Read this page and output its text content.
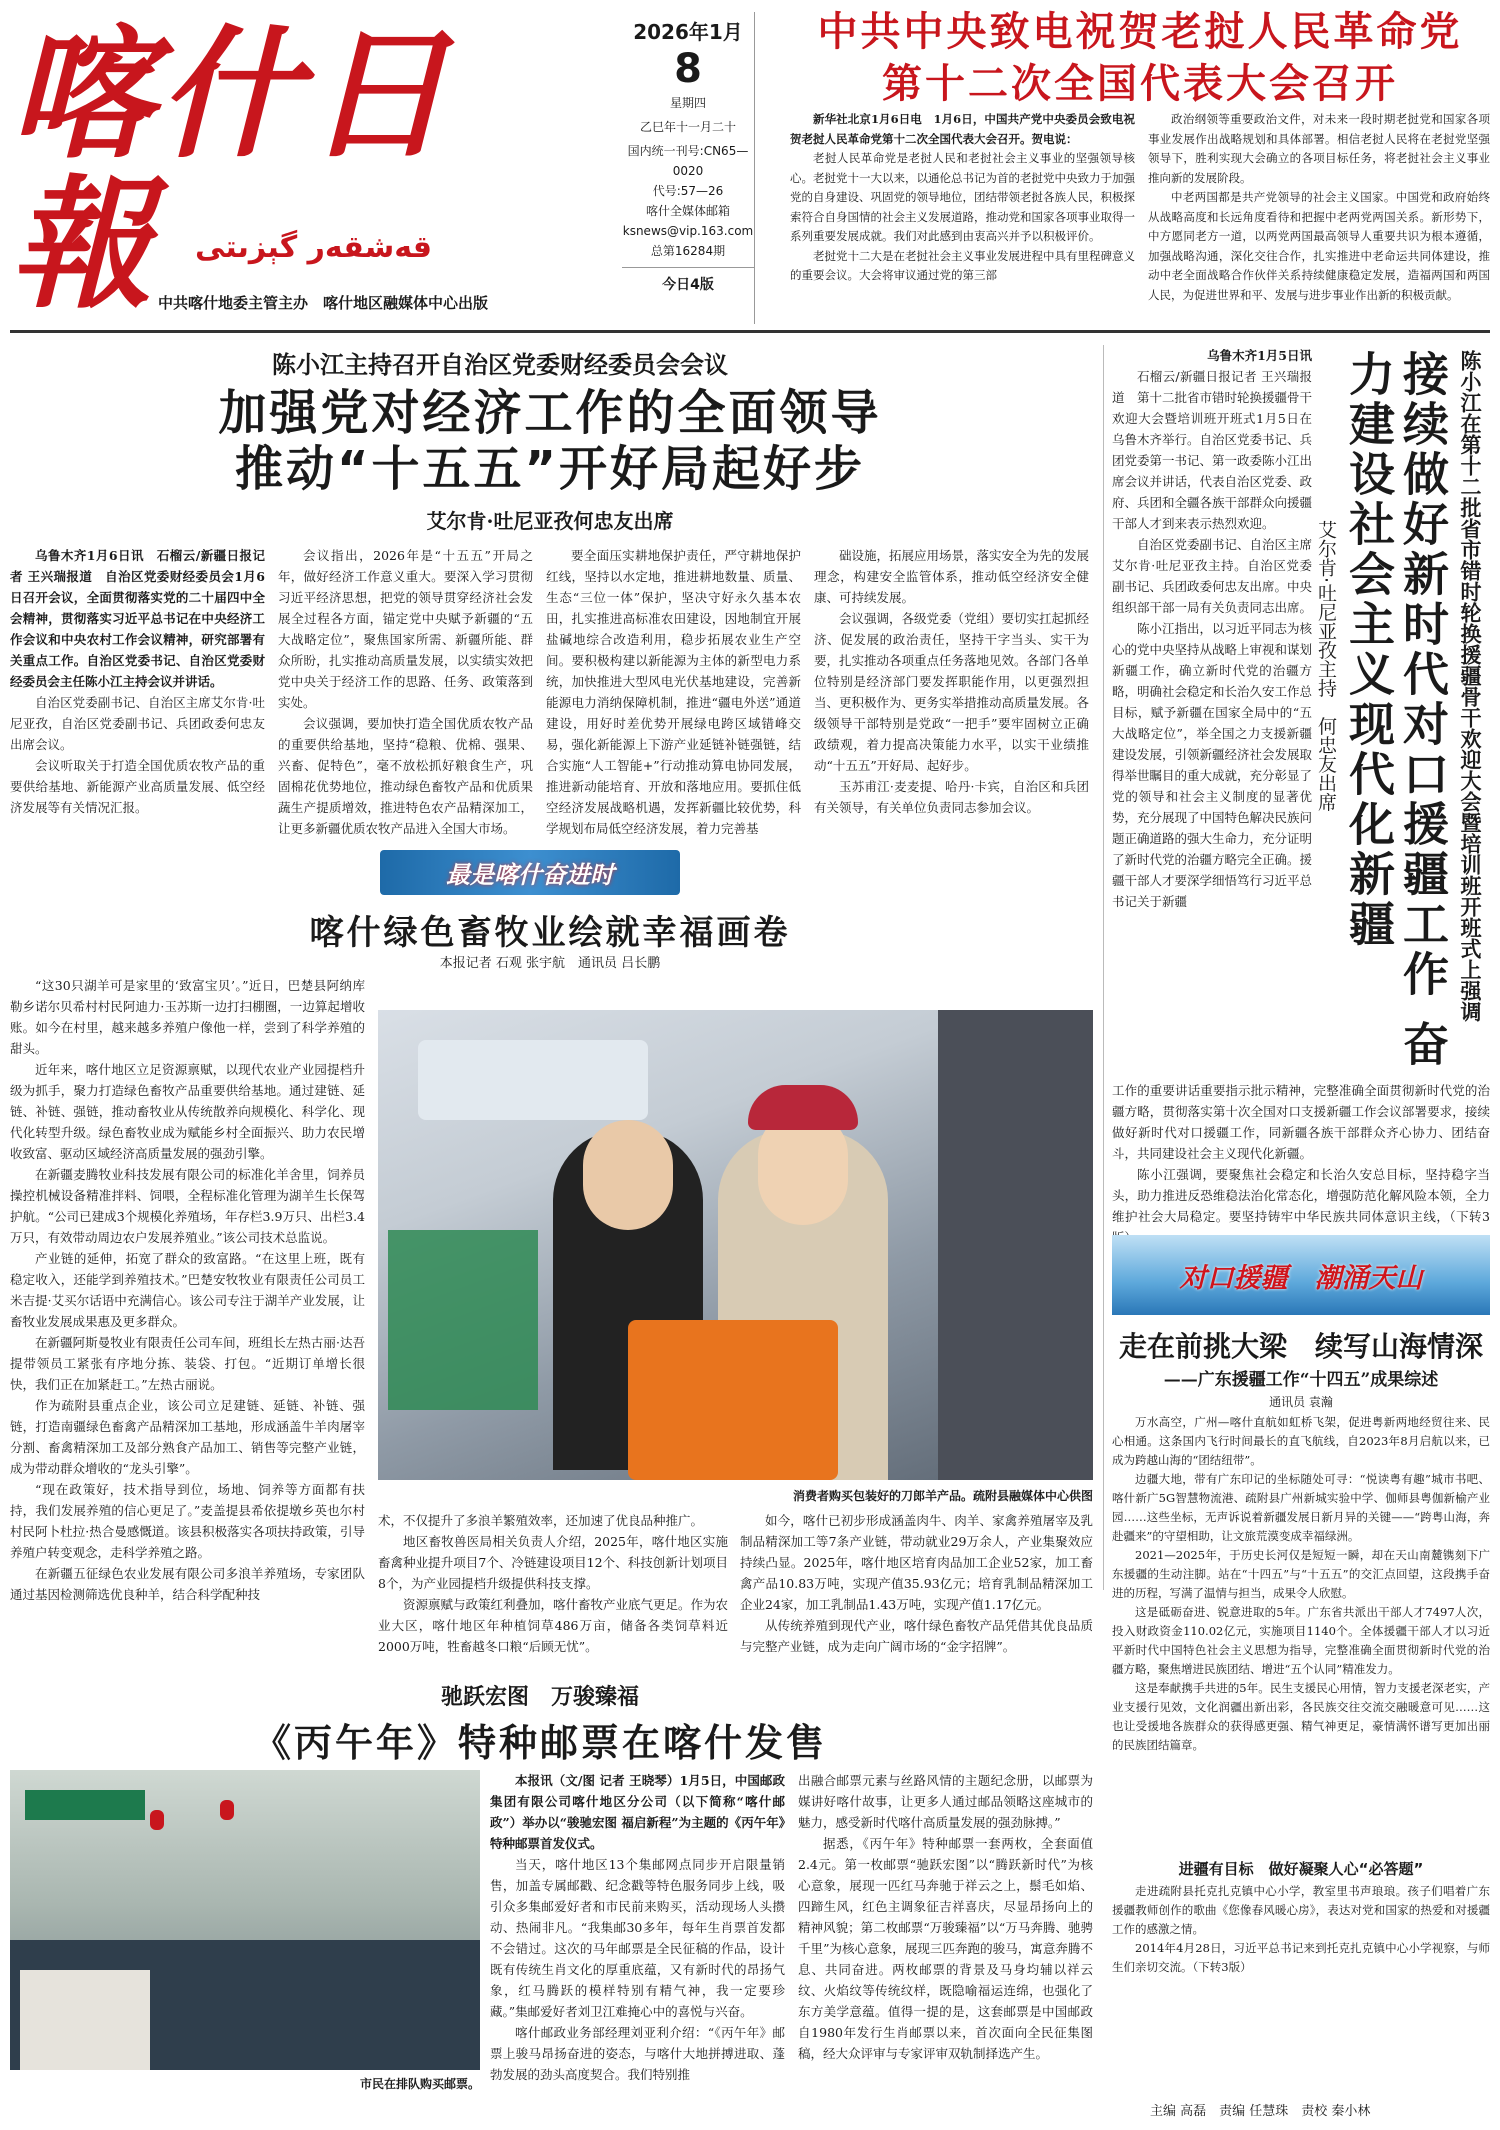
喀什日報	قەشقەر گېزىتى
中共喀什地委主管主办　喀什地区融媒体中心出版
2026年1月
8
星期四
乙巳年十一月二十
国内统一刊号:CN65—0020
代号:57—26
喀什全媒体邮箱
ksnews@vip.163.com
总第16284期
今日4版
中共中央致电祝贺老挝人民革命党
第十二次全国代表大会召开

新华社北京1月6日电　1月6日，中国共产党中央委员会致电祝贺老挝人民革命党第十二次全国代表大会召开。贺电说：

老挝人民革命党是老挝人民和老挝社会主义事业的坚强领导核心。老挝党十一大以来，以通伦总书记为首的老挝党中央致力于加强党的自身建设、巩固党的领导地位，团结带领老挝各族人民，积极探索符合自身国情的社会主义发展道路，推动党和国家各项事业取得一系列重要发展成就。我们对此感到由衷高兴并予以积极评价。

老挝党十二大是在老挝社会主义事业发展进程中具有里程碑意义的重要会议。大会将审议通过党的第三部

政治纲领等重要政治文件，对未来一段时期老挝党和国家各项事业发展作出战略规划和具体部署。相信老挝人民将在老挝党坚强领导下，胜利实现大会确立的各项目标任务，将老挝社会主义事业推向新的发展阶段。

中老两国都是共产党领导的社会主义国家。中国党和政府始终从战略高度和长远角度看待和把握中老两党两国关系。新形势下，中方愿同老方一道，以两党两国最高领导人重要共识为根本遵循，加强战略沟通，深化交往合作，扎实推进中老命运共同体建设，推动中老全面战略合作伙伴关系持续健康稳定发展，造福两国和两国人民，为促进世界和平、发展与进步事业作出新的积极贡献。

陈小江主持召开自治区党委财经委员会会议
加强党对经济工作的全面领导
推动“十五五”开好局起好步
艾尔肯·吐尼亚孜何忠友出席

乌鲁木齐1月6日讯　石榴云/新疆日报记者 王兴瑞报道　自治区党委财经委员会1月6日召开会议，全面贯彻落实党的二十届四中全会精神，贯彻落实习近平总书记在中央经济工作会议和中央农村工作会议精神，研究部署有关重点工作。自治区党委书记、自治区党委财经委员会主任陈小江主持会议并讲话。

自治区党委副书记、自治区主席艾尔肯·吐尼亚孜，自治区党委副书记、兵团政委何忠友出席会议。

会议听取关于打造全国优质农牧产品的重要供给基地、新能源产业高质量发展、低空经济发展等有关情况汇报。

会议指出，2026年是“十五五”开局之年，做好经济工作意义重大。要深入学习贯彻习近平经济思想，把党的领导贯穿经济社会发展全过程各方面，锚定党中央赋予新疆的“五大战略定位”，聚焦国家所需、新疆所能、群众所盼，扎实推动高质量发展，以实绩实效把党中央关于经济工作的思路、任务、政策落到实处。

会议强调，要加快打造全国优质农牧产品的重要供给基地，坚持“稳粮、优棉、强果、兴畜、促特色”，毫不放松抓好粮食生产，巩固棉花优势地位，推动绿色畜牧产品和优质果蔬生产提质增效，推进特色农产品精深加工，让更多新疆优质农牧产品进入全国大市场。

要全面压实耕地保护责任，严守耕地保护红线，坚持以水定地，推进耕地数量、质量、生态“三位一体”保护，坚决守好永久基本农田，扎实推进高标准农田建设，因地制宜开展盐碱地综合改造利用，稳步拓展农业生产空间。要积极构建以新能源为主体的新型电力系统，加快推进大型风电光伏基地建设，完善新能源电力消纳保障机制，推进“疆电外送”通道建设，用好时差优势开展绿电跨区域错峰交易，强化新能源上下游产业延链补链强链，结合实施“人工智能+”行动推动算电协同发展，推进新动能培育、开放和落地应用。要抓住低空经济发展战略机遇，发挥新疆比较优势，科学规划布局低空经济发展，着力完善基

础设施，拓展应用场景，落实安全为先的发展理念，构建安全监管体系，推动低空经济安全健康、可持续发展。

会议强调，各级党委（党组）要切实扛起抓经济、促发展的政治责任，坚持干字当头、实干为要，扎实推动各项重点任务落地见效。各部门各单位特别是经济部门要发挥职能作用，以更强烈担当、更积极作为、更务实举措推动高质量发展。各级领导干部特别是党政“一把手”要牢固树立正确政绩观，着力提高决策能力水平，以实干业绩推动“十五五”开好局、起好步。

玉苏甫江·麦麦提、哈丹·卡宾，自治区和兵团有关领导，有关单位负责同志参加会议。

乌鲁木齐1月5日讯

石榴云/新疆日报记者 王兴瑞报道　第十二批省市错时轮换援疆骨干欢迎大会暨培训班开班式1月5日在乌鲁木齐举行。自治区党委书记、兵团党委第一书记、第一政委陈小江出席会议并讲话，代表自治区党委、政府、兵团和全疆各族干部群众向援疆干部人才到来表示热烈欢迎。

自治区党委副书记、自治区主席艾尔肯·吐尼亚孜主持。自治区党委副书记、兵团政委何忠友出席。中央组织部干部一局有关负责同志出席。

陈小江指出，以习近平同志为核心的党中央坚持从战略上审视和谋划新疆工作，确立新时代党的治疆方略，明确社会稳定和长治久安工作总目标，赋予新疆在国家全局中的“五大战略定位”，举全国之力支援新疆建设发展，引领新疆经济社会发展取得举世瞩目的重大成就，充分彰显了党的领导和社会主义制度的显著优势，充分展现了中国特色解决民族问题正确道路的强大生命力，充分证明了新时代党的治疆方略完全正确。援疆干部人才要深学细悟笃行习近平总书记关于新疆	陈小江在第十二批省市错时轮换援疆骨干欢迎大会暨培训班开班式上强调
接续做好新时代对口援疆工作 奋力建设社会主义现代化新疆
艾尔肯·吐尼亚孜主持　何忠友出席

工作的重要讲话重要指示批示精神，完整准确全面贯彻新时代党的治疆方略，贯彻落实第十次全国对口支援新疆工作会议部署要求，接续做好新时代对口援疆工作，同新疆各族干部群众齐心协力、团结奋斗，共同建设社会主义现代化新疆。

陈小江强调，要聚焦社会稳定和长治久安总目标，坚持稳字当头，助力推进反恐维稳法治化常态化，增强防范化解风险本领，全力维护社会大局稳定。要坚持铸牢中华民族共同体意识主线，（下转3

最是喀什奋进时
喀什绿色畜牧业绘就幸福画卷
本报记者 石观 张宇航　通讯员 吕长鹏

“这30只湖羊可是家里的‘致富宝贝’。”近日，巴楚县阿纳库勒乡诺尔贝希村村民阿迪力·玉苏斯一边打扫棚圈，一边算起增收账。如今在村里，越来越多养殖户像他一样，尝到了科学养殖的甜头。

近年来，喀什地区立足资源禀赋，以现代农业产业园提档升级为抓手，聚力打造绿色畜牧产品重要供给基地。通过建链、延链、补链、强链，推动畜牧业从传统散养向规模化、科学化、现代化转型升级。绿色畜牧业成为赋能乡村全面振兴、助力农民增收致富、驱动区域经济高质量发展的强劲引擎。

在新疆麦腾牧业科技发展有限公司的标准化羊舍里，饲养员操控机械设备精准拌料、饲喂，全程标准化管理为湖羊生长保驾护航。“公司已建成3个规模化养殖场，年存栏3.9万只、出栏3.4万只，有效带动周边农户发展养殖业。”该公司技术总监说。

产业链的延伸，拓宽了群众的致富路。“在这里上班，既有稳定收入，还能学到养殖技术。”巴楚安牧牧业有限责任公司员工米吉提·艾买尔话语中充满信心。该公司专注于湖羊产业发展，让畜牧业发展成果惠及更多群众。

在新疆阿斯曼牧业有限责任公司车间，班组长左热古丽·达吾提带领员工紧张有序地分拣、装袋、打包。“近期订单增长很快，我们正在加紧赶工。”左热古丽说。

作为疏附县重点企业，该公司立足建链、延链、补链、强链，打造南疆绿色畜禽产品精深加工基地，形成涵盖牛羊肉屠宰分割、畜禽精深加工及部分熟食产品加工、销售等完整产业链，成为带动群众增收的“龙头引擎”。

“现在政策好，技术指导到位，场地、饲养等方面都有扶持，我们发展养殖的信心更足了。”麦盖提县希依提墩乡英也尔村村民阿卜杜拉·热合曼感慨道。该县积极落实各项扶持政策，引导养殖户转变观念，走科学养殖之路。

在新疆五征绿色农业发展有限公司多浪羊养殖场，专家团队通过基因检测筛选优良种羊，结合科学配种技

消费者购买包装好的刀郎羊产品。疏附县融媒体中心供图

术，不仅提升了多浪羊繁殖效率，还加速了优良品种推广。

地区畜牧兽医局相关负责人介绍，2025年，喀什地区实施畜禽种业提升项目7个、冷链建设项目12个、科技创新计划项目8个，为产业园提档升级提供科技支撑。

资源禀赋与政策红利叠加，喀什畜牧产业底气更足。作为农业大区，喀什地区年种植饲草486万亩，储备各类饲草料近2000万吨，牲畜越冬口粮“后顾无忧”。

如今，喀什已初步形成涵盖肉牛、肉羊、家禽养殖屠宰及乳制品精深加工等7条产业链，带动就业29万余人，产业集聚效应持续凸显。2025年，喀什地区培育肉品加工企业52家，加工畜禽产品10.83万吨，实现产值35.93亿元；培育乳制品精深加工企业24家，加工乳制品1.43万吨，实现产值1.17亿元。

从传统养殖到现代产业，喀什绿色畜牧产品凭借其优良品质与完整产业链，成为走向广阔市场的“金字招牌”。

驰跃宏图　万骏臻福
《丙午年》特种邮票在喀什发售
市民在排队购买邮票。

本报讯（文/图 记者 王晓琴）1月5日，中国邮政集团有限公司喀什地区分公司（以下简称“喀什邮政”）举办以“骏驰宏图 福启新程”为主题的《丙午年》特种邮票首发仪式。

当天，喀什地区13个集邮网点同步开启限量销售，加盖专属邮戳、纪念戳等特色服务同步上线，吸引众多集邮爱好者和市民前来购买，活动现场人头攒动、热闹非凡。“我集邮30多年，每年生肖票首发都不会错过。这次的马年邮票是全民征稿的作品，设计既有传统生肖文化的厚重底蕴，又有新时代的昂扬气象，红马腾跃的模样特别有精气神，我一定要珍藏。”集邮爱好者刘卫江难掩心中的喜悦与兴奋。

喀什邮政业务部经理刘亚利介绍：“《丙午年》邮票上骏马昂扬奋进的姿态，与喀什大地拼搏进取、蓬勃发展的劲头高度契合。我们特别推

出融合邮票元素与丝路风情的主题纪念册，以邮票为媒讲好喀什故事，让更多人通过邮品领略这座城市的魅力，感受新时代喀什高质量发展的强劲脉搏。”

据悉，《丙午年》特种邮票一套两枚，全套面值2.4元。第一枚邮票“驰跃宏图”以“腾跃新时代”为核心意象，展现一匹红马奔驰于祥云之上，鬃毛如焰、四蹄生风，红色主调象征吉祥喜庆，尽显昂扬向上的精神风貌；第二枚邮票“万骏臻福”以“万马奔腾、驰骋千里”为核心意象，展现三匹奔跑的骏马，寓意奔腾不息、共同奋进。两枚邮票的背景及马身均辅以祥云纹、火焰纹等传统纹样，既隐喻福运连绵，也强化了东方美学意蕴。值得一提的是，这套邮票是中国邮政自1980年发行生肖邮票以来，首次面向全民征集图稿，经大众评审与专家评审双轨制择选产生。

对口援疆　潮涌天山
走在前挑大梁　续写山海情深
——广东援疆工作“十四五”成果综述
通讯员 袁瀚

万水高空，广州—喀什直航如虹桥飞架，促进粤新两地经贸往来、民心相通。这条国内飞行时间最长的直飞航线，自2023年8月启航以来，已成为跨越山海的“团结纽带”。

边疆大地，带有广东印记的坐标随处可寻：“悦读粤有趣”城市书吧、喀什新广5G智慧物流港、疏附县广州新城实验中学、伽师县粤伽新榆产业园……这些坐标，无声诉说着新疆发展日新月异的关键——“跨粤山海，奔赴疆来”的守望相助，让文旅荒漠变成幸福绿洲。

2021—2025年，于历史长河仅是短短一瞬，却在天山南麓镌刻下广东援疆的生动注脚。站在“十四五”与“十五五”的交汇点回望，这段携手奋进的历程，写满了温情与担当，成果令人欣慰。

这是砥砺奋进、锐意进取的5年。广东省共派出干部人才7497人次，投入财政资金110.02亿元，实施项目1140个。全体援疆干部人才以习近平新时代中国特色社会主义思想为指导，完整准确全面贯彻新时代党的治疆方略，聚焦增进民族团结、增进“五个认同”精准发力。

这是奉献携手共进的5年。民生支援民心用情，智力支援老深老实，产业支援行见效，文化润疆出新出彩，各民族交往交流交融暖意可见……这也让受援地各族群众的获得感更强、精气神更足，豪情满怀谱写更加出丽的民族团结篇章。

进疆有目标　做好凝聚人心“必答题”

走进疏附县托克扎克镇中心小学，教室里书声琅琅。孩子们唱着广东援疆教师创作的歌曲《您像春风暖心房》，表达对党和国家的热爱和对援疆工作的感激之情。

2014年4月28日，习近平总书记来到托克扎克镇中心小学视察，与师生们亲切交流。（下转3版）

主编 高磊　责编 任慧珠　责校 秦小林
